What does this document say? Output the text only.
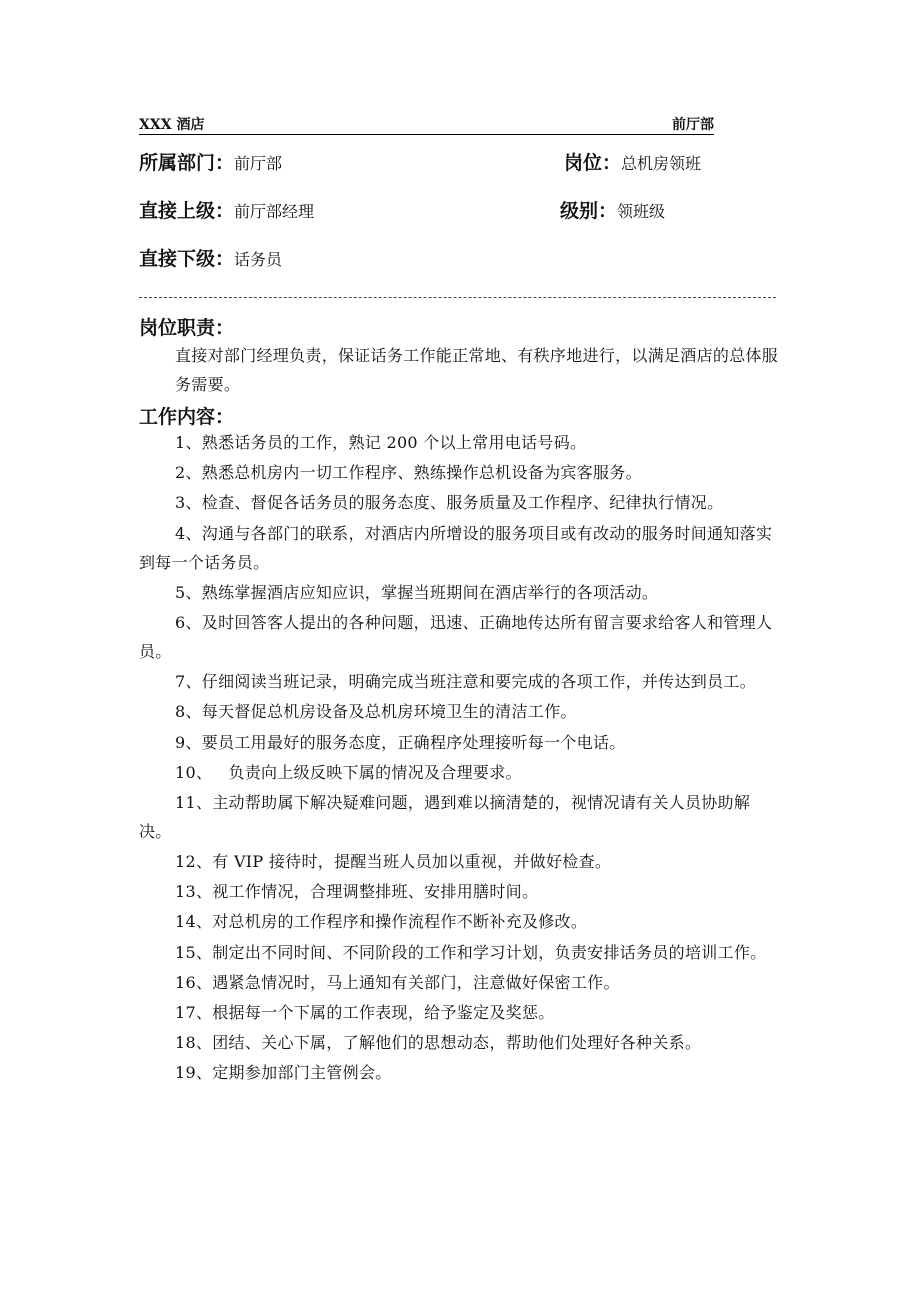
XXX 酒店	前厅部
所属部门：前厅部	岗位：总机房领班
直接上级：前厅部经理	级别：领班级
直接下级：话务员
岗位职责：
直接对部门经理负责，保证话务工作能正常地、有秩序地进行，以满足酒店的总体服务需要。
工作内容：
1、熟悉话务员的工作，熟记 200 个以上常用电话号码。
2、熟悉总机房内一切工作程序、熟练操作总机设备为宾客服务。
3、检查、督促各话务员的服务态度、服务质量及工作程序、纪律执行情况。
4、沟通与各部门的联系，对酒店内所增设的服务项目或有改动的服务时间通知落实到每一个话务员。
5、熟练掌握酒店应知应识，掌握当班期间在酒店举行的各项活动。
6、及时回答客人提出的各种问题，迅速、正确地传达所有留言要求给客人和管理人员。
7、仔细阅读当班记录，明确完成当班注意和要完成的各项工作，并传达到员工。
8、每天督促总机房设备及总机房环境卫生的清洁工作。
9、要员工用最好的服务态度，正确程序处理接听每一个电话。
10、   负责向上级反映下属的情况及合理要求。
11、主动帮助属下解决疑难问题，遇到难以摘清楚的，视情况请有关人员协助解决。
12、有 VIP 接待时，提醒当班人员加以重视，并做好检查。
13、视工作情况，合理调整排班、安排用膳时间。
14、对总机房的工作程序和操作流程作不断补充及修改。
15、制定出不同时间、不同阶段的工作和学习计划，负责安排话务员的培训工作。
16、遇紧急情况时，马上通知有关部门，注意做好保密工作。
17、根据每一个下属的工作表现，给予鉴定及奖惩。
18、团结、关心下属，了解他们的思想动态，帮助他们处理好各种关系。
19、定期参加部门主管例会。
